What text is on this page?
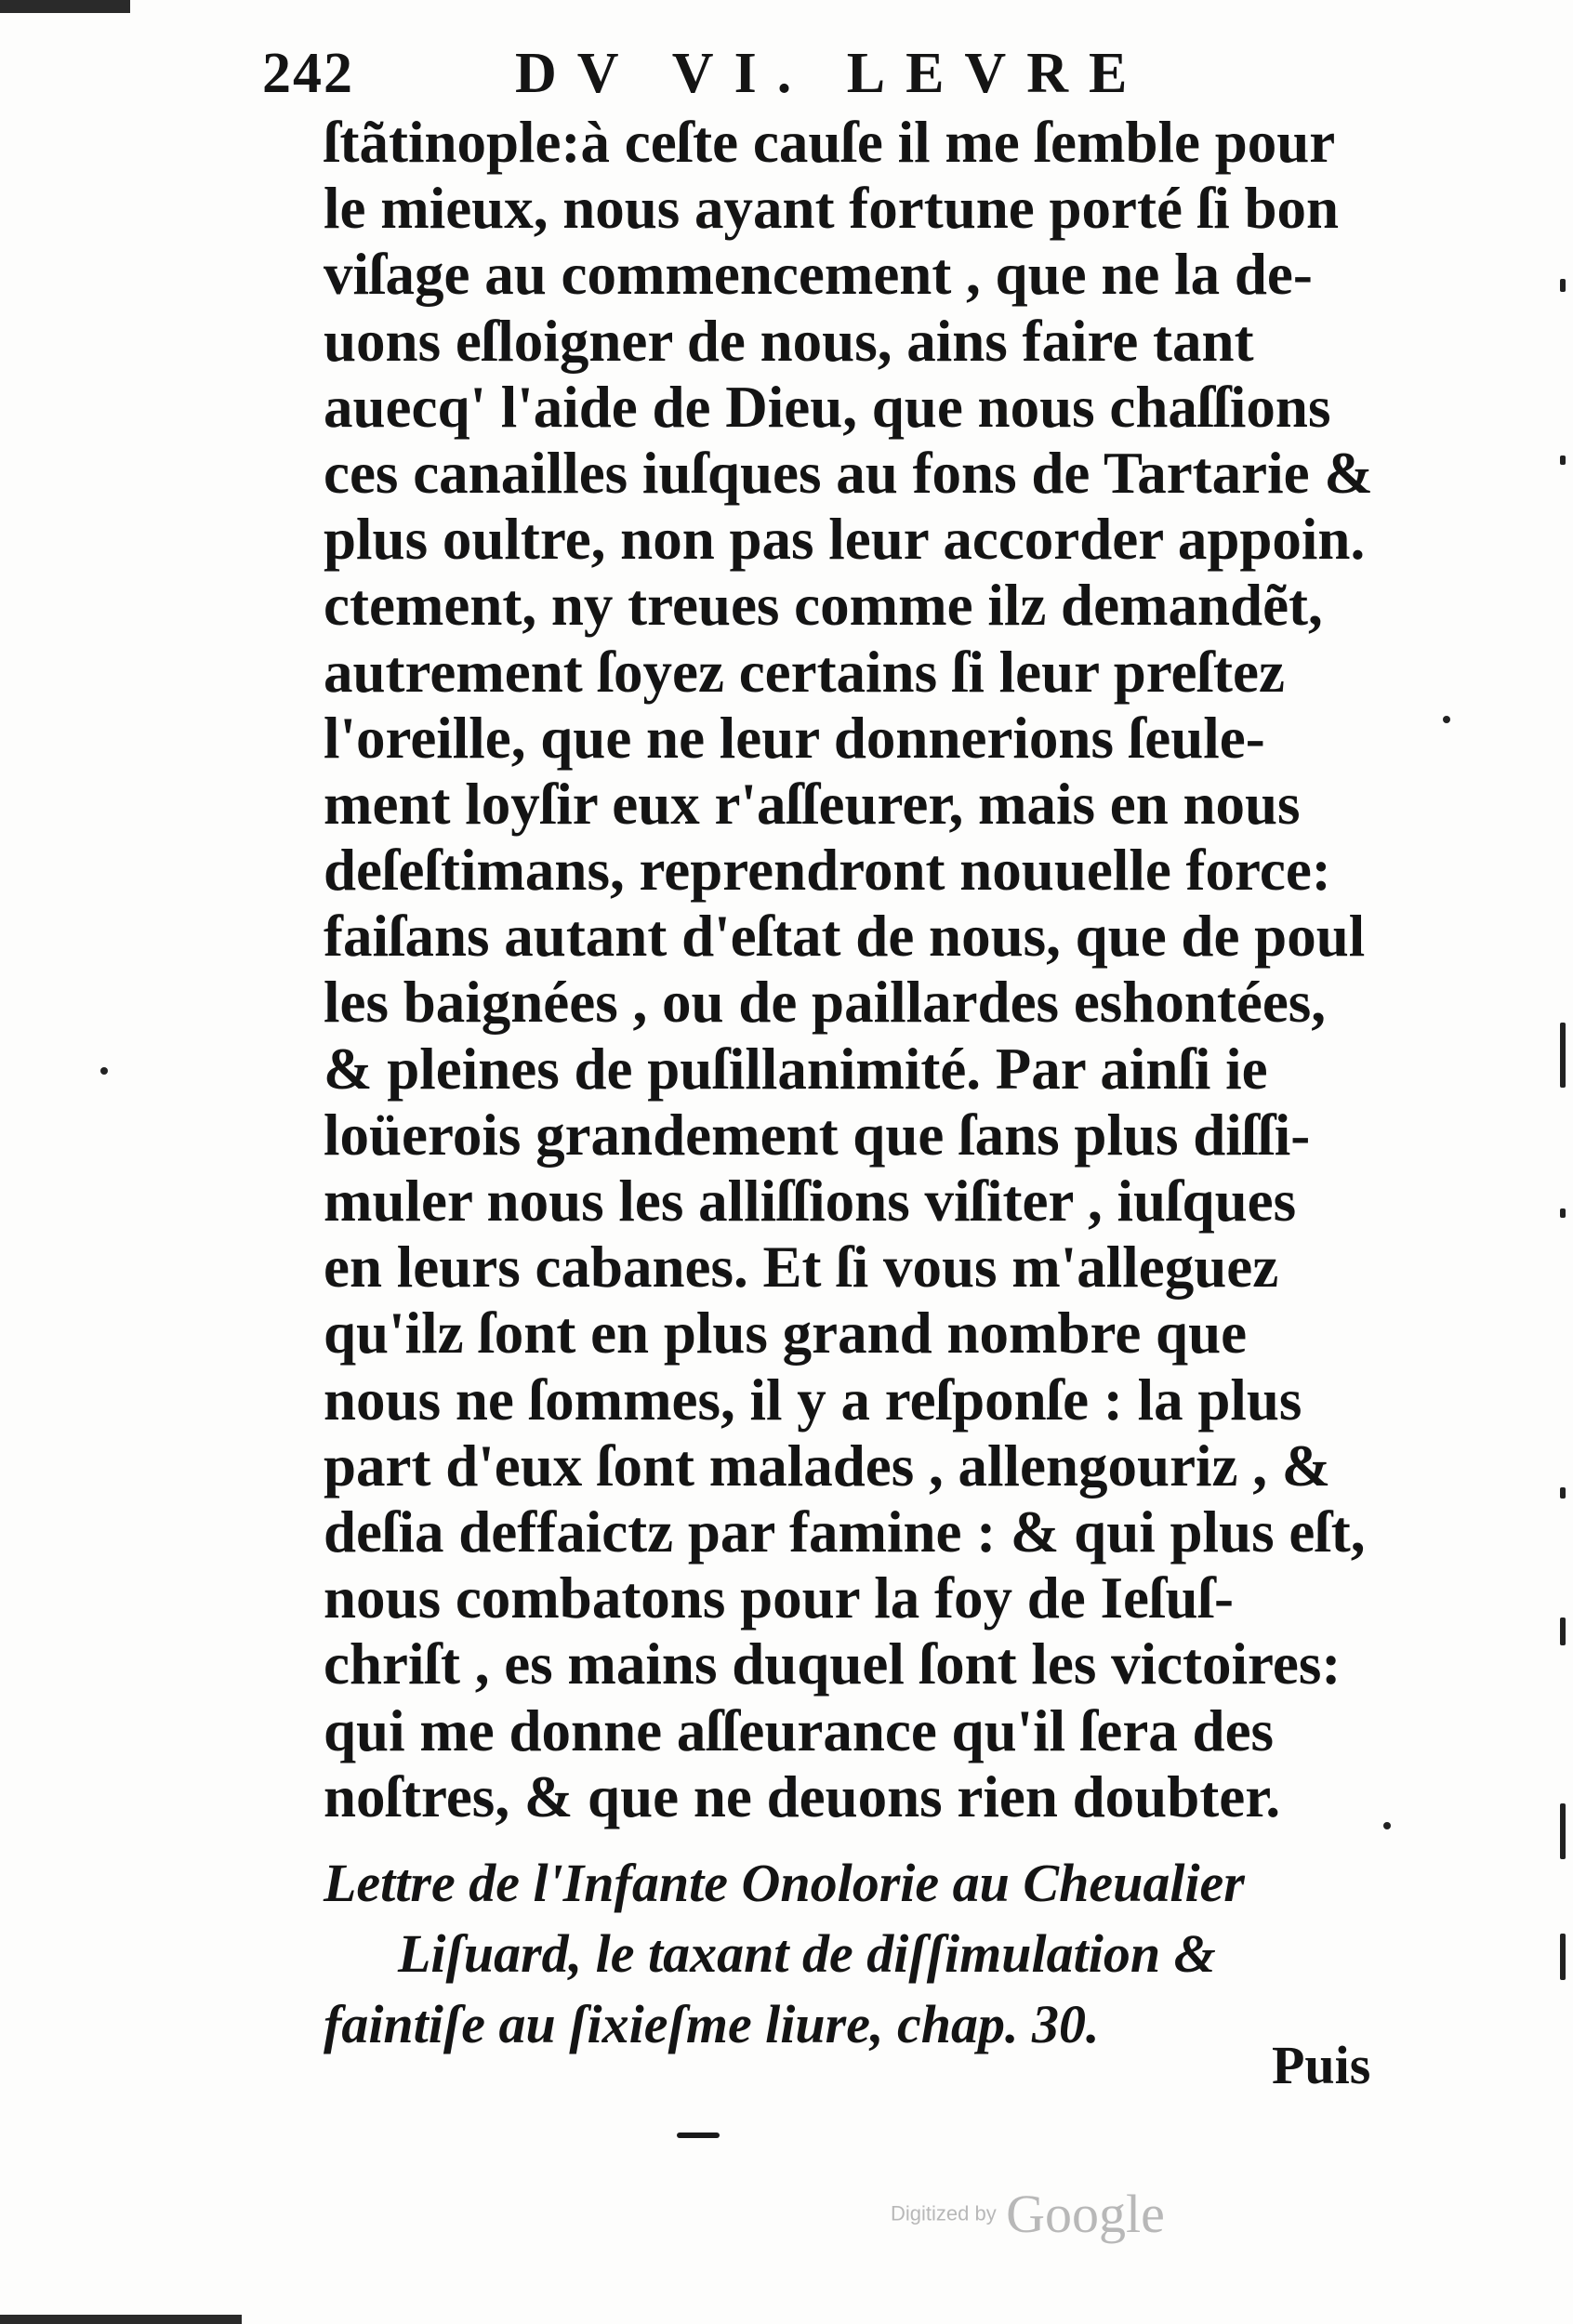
242	DV VI. LEVRE
ſtãtinople:à ceſte cauſe il me ſemble pour
le mieux, nous ayant fortune porté ſi bon
viſage au commencement , que ne la de-
uons eſloigner de nous, ains faire tant
auecq' l'aide de Dieu, que nous chaſſions
ces canailles iuſques au fons de Tartarie &
plus oultre, non pas leur accorder appoin.
ctement, ny treues comme ilz demandẽt,
autrement ſoyez certains ſi leur preſtez
l'oreille, que ne leur donnerions ſeule-
ment loyſir eux r'aſſeurer, mais en nous
deſeſtimans, reprendront nouuelle force:
faiſans autant d'eſtat de nous, que de poul
les baignées , ou de paillardes eshontées,
& pleines de puſillanimité. Par ainſi ie
loüerois grandement que ſans plus diſſi-
muler nous les alliſſions viſiter , iuſques
en leurs cabanes. Et ſi vous m'alleguez
qu'ilz ſont en plus grand nombre que
nous ne ſommes, il y a reſponſe : la plus
part d'eux ſont malades , allengouriz , &
deſia deffaictz par famine : & qui plus eſt,
nous combatons pour la foy de Ieſuſ-
chriſt , es mains duquel ſont les victoires:
qui me donne aſſeurance qu'il ſera des
noſtres, & que ne deuons rien doubter.
Lettre de l'Infante Onolorie au Cheualier
Liſuard, le taxant de diſſimulation &
faintiſe au ſixieſme liure, chap. 30.
Puis
Digitized by Google
